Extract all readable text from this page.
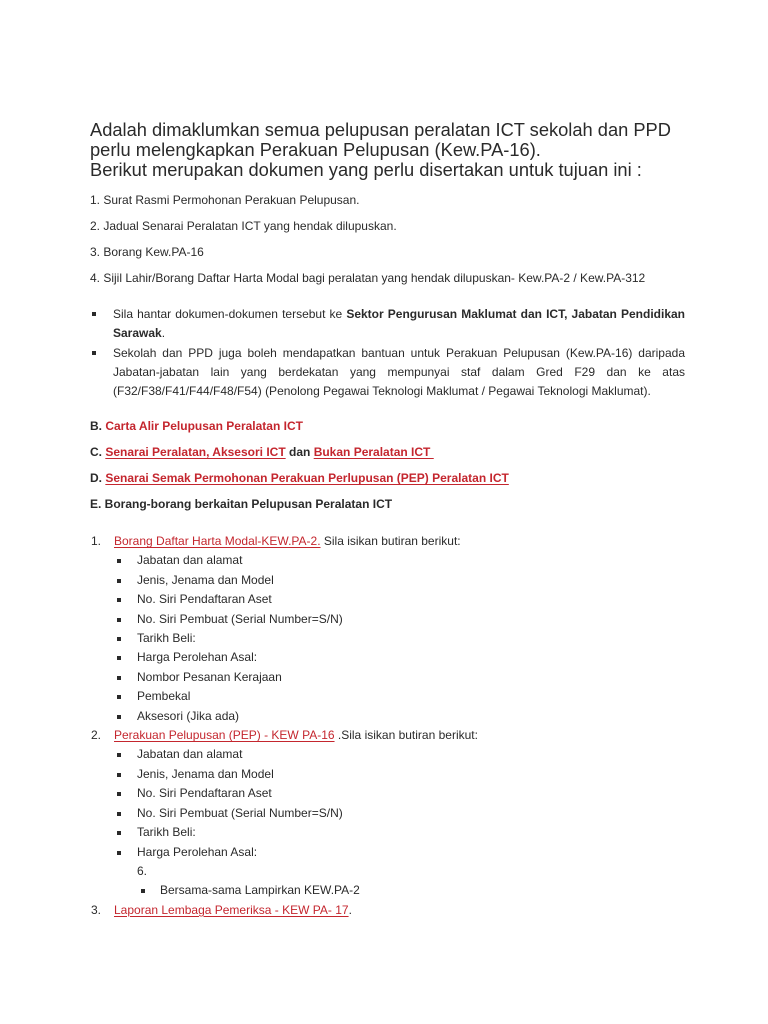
Adalah dimaklumkan semua pelupusan peralatan ICT sekolah dan PPD perlu melengkapkan Perakuan Pelupusan (Kew.PA-16).

Berikut merupakan dokumen yang perlu disertakan untuk tujuan ini :

1. Surat Rasmi Permohonan Perakuan Pelupusan.

2. Jadual Senarai Peralatan ICT yang hendak dilupuskan.

3. Borang Kew.PA-16

4. Sijil Lahir/Borang Daftar Harta Modal bagi peralatan yang hendak dilupuskan- Kew.PA-2 / Kew.PA-312

Sila hantar dokumen-dokumen tersebut ke Sektor Pengurusan Maklumat dan ICT, Jabatan Pendidikan Sarawak.
Sekolah dan PPD juga boleh mendapatkan bantuan untuk Perakuan Pelupusan (Kew.PA-16) daripada Jabatan-jabatan lain yang berdekatan yang mempunyai staf dalam Gred F29 dan ke atas (F32/F38/F41/F44/F48/F54) (Penolong Pegawai Teknologi Maklumat / Pegawai Teknologi Maklumat).

B. Carta Alir Pelupusan Peralatan ICT

C. Senarai Peralatan, Aksesori ICT dan Bukan Peralatan ICT

D. Senarai Semak Permohonan Perakuan Perlupusan (PEP) Peralatan ICT

E. Borang-borang berkaitan Pelupusan Peralatan ICT

1. Borang Daftar Harta Modal-KEW.PA-2. Sila isikan butiran berikut:
Jabatan dan alamat
Jenis, Jenama dan Model
No. Siri Pendaftaran Aset
No. Siri Pembuat (Serial Number=S/N)
Tarikh Beli:
Harga Perolehan Asal:
Nombor Pesanan Kerajaan
Pembekal
Aksesori (Jika ada)
2. Perakuan Pelupusan (PEP) - KEW PA-16 .Sila isikan butiran berikut:
Jabatan dan alamat
Jenis, Jenama dan Model
No. Siri Pendaftaran Aset
No. Siri Pembuat (Serial Number=S/N)
Tarikh Beli:
Harga Perolehan Asal:
6.
Bersama-sama Lampirkan KEW.PA-2
3. Laporan Lembaga Pemeriksa - KEW PA- 17.
